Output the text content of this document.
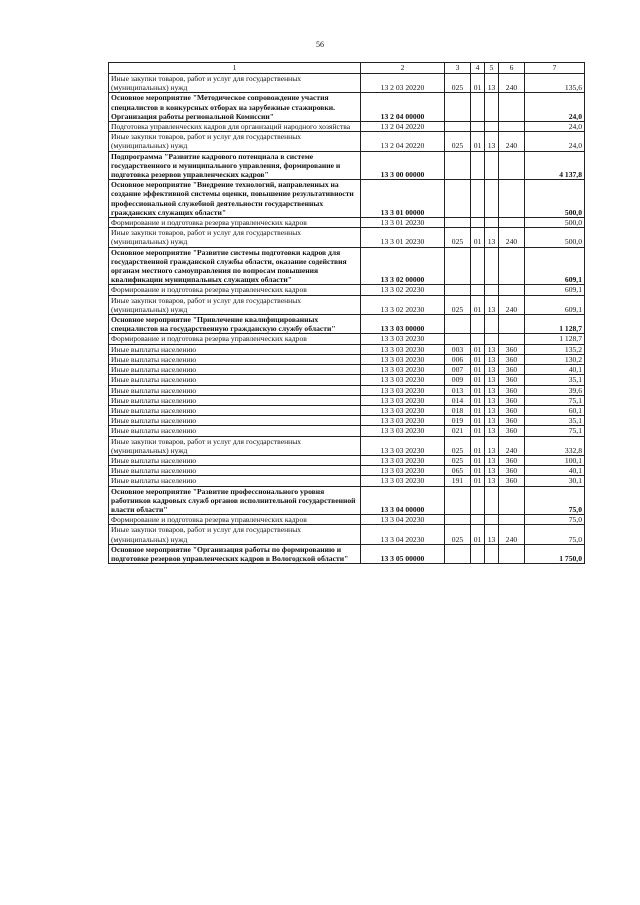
56
1	2	3	4	5	6	7
Иные закупки товаров, работ и услуг для государственных (муниципальных) нужд	13 2 03 20220	025	01	13	240	135,6
Основное мероприятие "Методическое сопровождение участия специалистов в конкурсных отборах на зарубежные стажировки. Организация работы региональной Комиссии"	13 2 04 00000					24,0
Подготовка управленческих кадров для организаций народного хозяйства	13 2 04 20220					24,0
Иные закупки товаров, работ и услуг для государственных (муниципальных) нужд	13 2 04 20220	025	01	13	240	24,0
Подпрограмма "Развитие кадрового потенциала в системе государственного и муниципального управления, формирование и подготовка резервов управленческих кадров"	13 3 00 00000					4 137,8
Основное мероприятие "Внедрение технологий, направленных на создание эффективной системы оценки, повышение результативности профессиональной служебной деятельности государственных гражданских служащих области"	13 3 01 00000					500,0
Формирование и подготовка резерва управленческих кадров	13 3 01 20230					500,0
Иные закупки товаров, работ и услуг для государственных (муниципальных) нужд	13 3 01 20230	025	01	13	240	500,0
Основное мероприятие "Развитие системы подготовки кадров для государственной гражданской службы области, оказание содействия органам местного самоуправления по вопросам повышения квалификации муниципальных служащих области"	13 3 02 00000					609,1
Формирование и подготовка резерва управленческих кадров	13 3 02 20230					609,1
Иные закупки товаров, работ и услуг для государственных (муниципальных) нужд	13 3 02 20230	025	01	13	240	609,1
Основное мероприятие "Привлечение квалифицированных специалистов на государственную гражданскую службу области"	13 3 03 00000					1 128,7
Формирование и подготовка резерва управленческих кадров	13 3 03 20230					1 128,7
Иные выплаты населению	13 3 03 20230	003	01	13	360	135,2
Иные выплаты населению	13 3 03 20230	006	01	13	360	130,2
Иные выплаты населению	13 3 03 20230	007	01	13	360	40,1
Иные выплаты населению	13 3 03 20230	009	01	13	360	35,1
Иные выплаты населению	13 3 03 20230	013	01	13	360	39,6
Иные выплаты населению	13 3 03 20230	014	01	13	360	75,1
Иные выплаты населению	13 3 03 20230	018	01	13	360	60,1
Иные выплаты населению	13 3 03 20230	019	01	13	360	35,1
Иные выплаты населению	13 3 03 20230	021	01	13	360	75,1
Иные закупки товаров, работ и услуг для государственных (муниципальных) нужд	13 3 03 20230	025	01	13	240	332,8
Иные выплаты населению	13 3 03 20230	025	01	13	360	100,1
Иные выплаты населению	13 3 03 20230	065	01	13	360	40,1
Иные выплаты населению	13 3 03 20230	191	01	13	360	30,1
Основное мероприятие "Развитие профессионального уровня работников кадровых служб органов исполнительной государственной власти области"	13 3 04 00000					75,0
Формирование и подготовка резерва управленческих кадров	13 3 04 20230					75,0
Иные закупки товаров, работ и услуг для государственных (муниципальных) нужд	13 3 04 20230	025	01	13	240	75,0
Основное мероприятие "Организация работы по формированию и подготовке резервов управленческих кадров в Вологодской области"	13 3 05 00000					1 750,0
